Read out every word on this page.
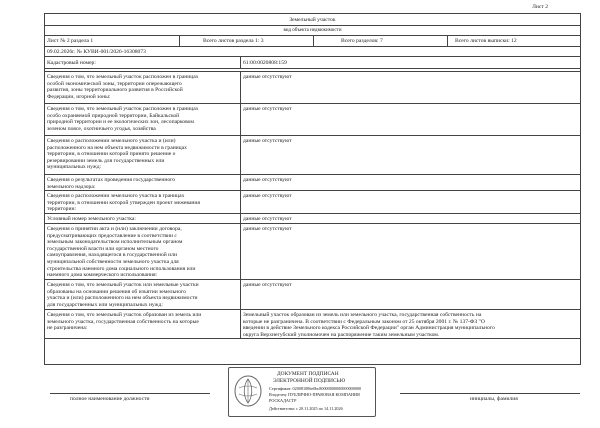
Лист 2
Земельный участок
вид объекта недвижимости
Лист № 2 раздела 1	Всего листов раздела 1: 3	Всего разделов: 7	Всего листов выписки: 12
09.02.2026г. № КУВИ-001/2026-16308073
Кадастровый номер:	61:00:0020808:159
Сведения о том, что земельный участок расположен в границах
особой экономической зоны, территории опережающего
развития, зоны территориального развития в Российской
Федерации, игорной зоны:
данные отсутствуют
Сведения о том, что земельный участок расположен в границах
особо охраняемой природной территории, Байкальской
природной территории и ее экологических зон, лесопарковом
зеленом поясе, охотничьего угодья, хозяйства
данные отсутствуют
Сведения о расположении земельного участка и (или)
расположенного на нем объекта недвижимости в границах
территории, в отношении которой принято решение о
резервировании земель для государственных или
муниципальных нужд:
данные отсутствуют
Сведения о результатах проведения государственного
земельного надзора:
данные отсутствуют
Сведения о расположении земельного участка в границах
территории, в отношении которой утвержден проект межевания
территории:
данные отсутствуют
Условный номер земельного участка:	данные отсутствуют
Сведения о принятии акта и (или) заключении договора,
предусматривающих предоставление в соответствии с
земельным законодательством исполнительным органом
государственной власти или органом местного
самоуправления, находящегося в государственной или
муниципальной собственности земельного участка для
строительства наемного дома социального использования или
наемного дома коммерческого использования:
данные отсутствуют
Сведения о том, что земельный участок или земельные участки
образованы на основании решения об изъятии земельного
участка и (или) расположенного на нем объекта недвижимости
для государственных или муниципальных нужд:
данные отсутствуют
Сведения о том, что земельный участок образован из земель или
земельного участка, государственная собственность на которые
не разграничена:
Земельный участок образован из земель или земельного участка, государственная собственность на
которые не разграничена. В соответствии с Федеральным законом от 25 октября 2001 г. № 137-ФЗ "О
введении в действие Земельного кодекса Российской Федерации" орган Администрация муниципального
округа Верхнегубский уполномочен на распоряжение таким земельным участком.
полное наименование должности
ДОКУМЕНТ ПОДПИСАН
ЭЛЕКТРОННОЙ ПОДПИСЬЮ
Сертификат: 020081006e0bc80000000000000000000
Владелец: ПУБЛИЧНО-ПРАВОВАЯ КОМПАНИЯ
РОСКАДАСТР
Действителен: с 20.11.2025 по 14.11.2026
инициалы, фамилия
